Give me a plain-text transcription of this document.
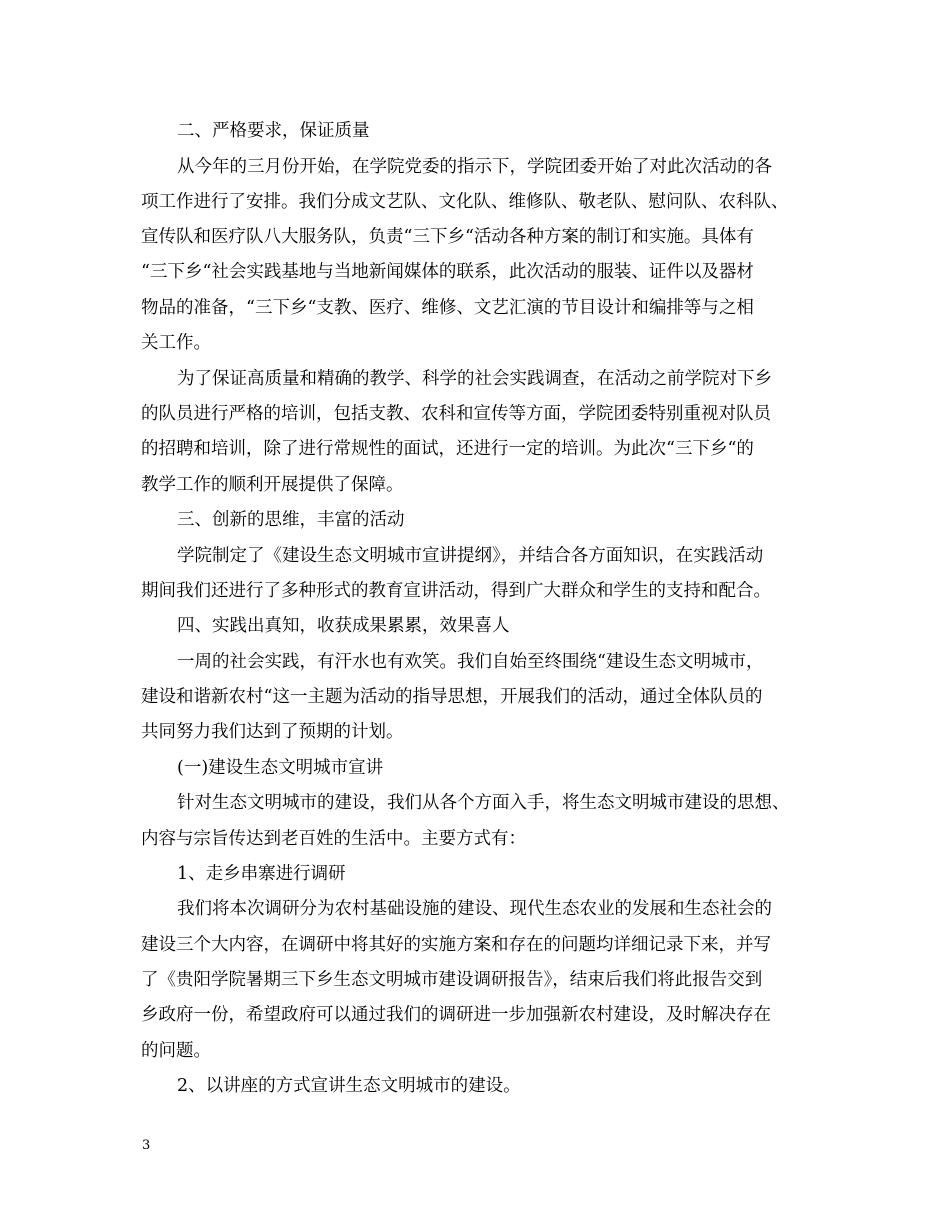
二、严格要求，保证质量
从今年的三月份开始，在学院党委的指示下，学院团委开始了对此次活动的各
项工作进行了安排。我们分成文艺队、文化队、维修队、敬老队、慰问队、农科队、
宣传队和医疗队八大服务队，负责“三下乡“活动各种方案的制订和实施。具体有
“三下乡“社会实践基地与当地新闻媒体的联系，此次活动的服装、证件以及器材
物品的准备，“三下乡“支教、医疗、维修、文艺汇演的节目设计和编排等与之相
关工作。
为了保证高质量和精确的教学、科学的社会实践调查，在活动之前学院对下乡
的队员进行严格的培训，包括支教、农科和宣传等方面，学院团委特别重视对队员
的招聘和培训，除了进行常规性的面试，还进行一定的培训。为此次“三下乡“的
教学工作的顺利开展提供了保障。
三、创新的思维，丰富的活动
学院制定了《建设生态文明城市宣讲提纲》，并结合各方面知识，在实践活动
期间我们还进行了多种形式的教育宣讲活动，得到广大群众和学生的支持和配合。
四、实践出真知，收获成果累累，效果喜人
一周的社会实践，有汗水也有欢笑。我们自始至终围绕“建设生态文明城市，
建设和谐新农村“这一主题为活动的指导思想，开展我们的活动，通过全体队员的
共同努力我们达到了预期的计划。
(一)建设生态文明城市宣讲
针对生态文明城市的建设，我们从各个方面入手，将生态文明城市建设的思想、
内容与宗旨传达到老百姓的生活中。主要方式有：
1、走乡串寨进行调研
我们将本次调研分为农村基础设施的建设、现代生态农业的发展和生态社会的
建设三个大内容，在调研中将其好的实施方案和存在的问题均详细记录下来，并写
了《贵阳学院暑期三下乡生态文明城市建设调研报告》，结束后我们将此报告交到
乡政府一份，希望政府可以通过我们的调研进一步加强新农村建设，及时解决存在
的问题。
2、以讲座的方式宣讲生态文明城市的建设。
3
